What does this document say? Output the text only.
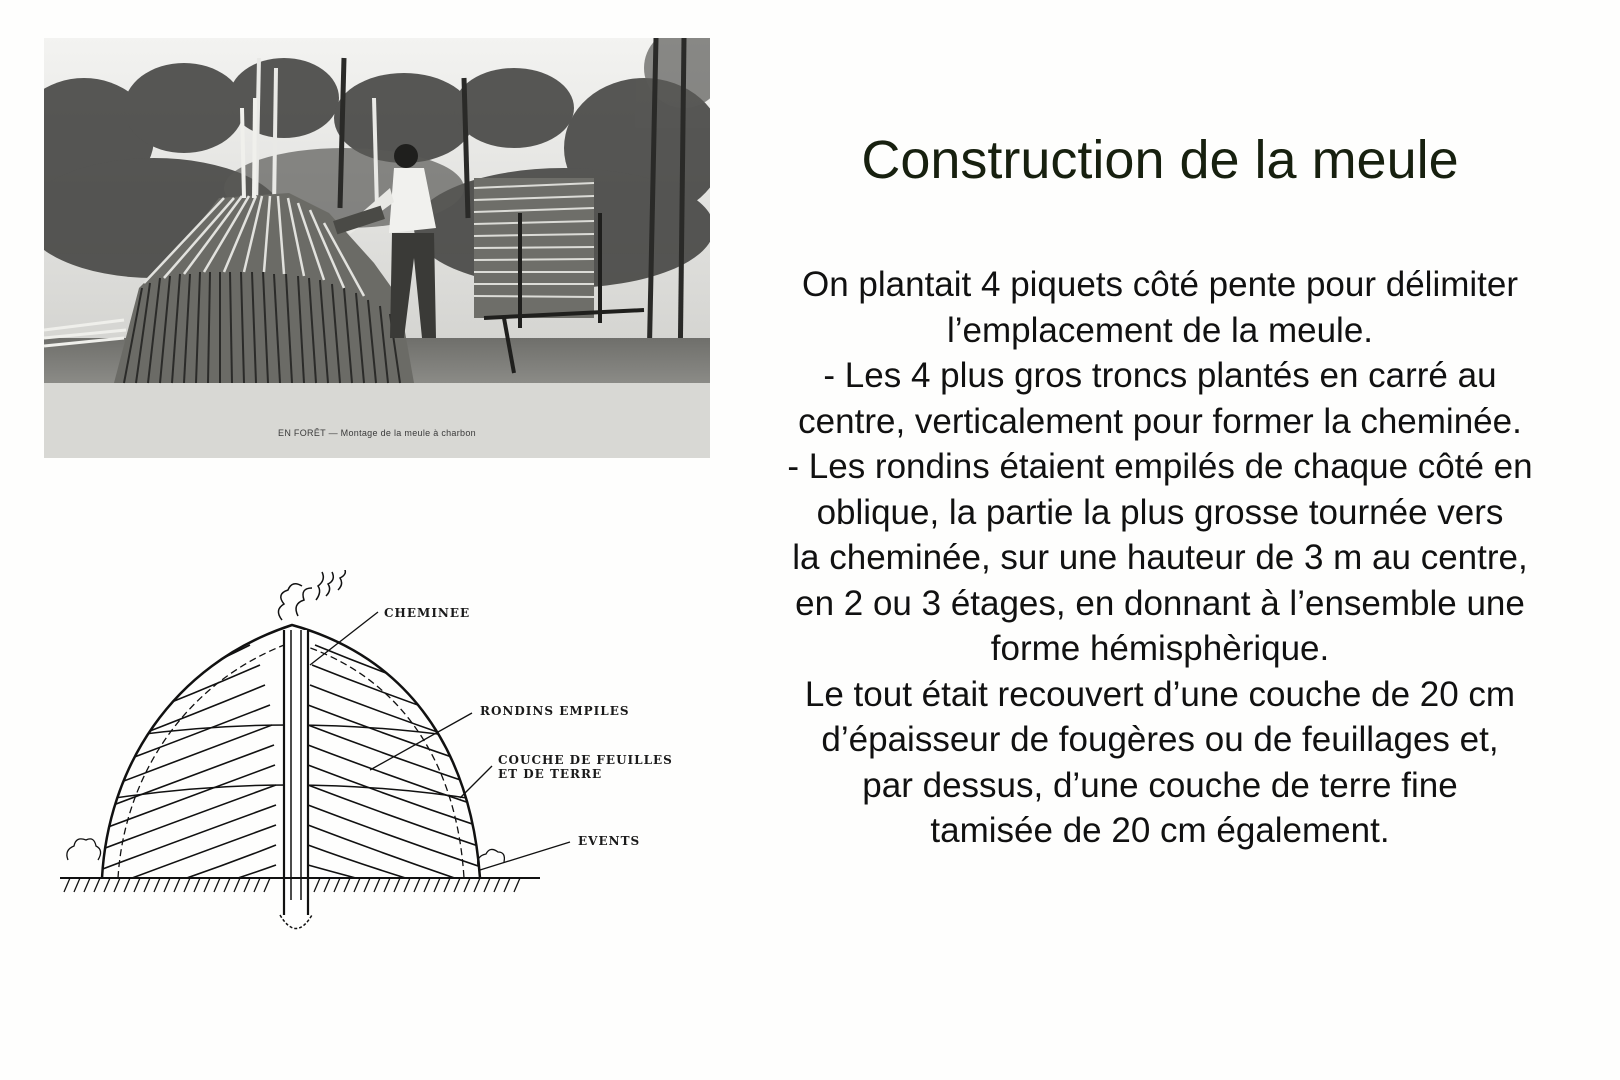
EN FORÊT — Montage de la meule à charbon
CHEMINEE
RONDINS EMPILES
COUCHE DE FEUILLES
ET DE TERRE
EVENTS
Construction de la meule
On plantait 4 piquets côté pente pour délimiter
l’emplacement de la meule.
- Les 4 plus gros troncs plantés en carré au
centre, verticalement pour former la cheminée.
- Les rondins étaient empilés de chaque côté en
oblique, la partie la plus grosse tournée vers
la cheminée, sur une hauteur de 3 m au centre,
en 2 ou 3 étages, en donnant à l’ensemble une
forme hémisphèrique.
Le tout était recouvert d’une couche de 20 cm
d’épaisseur de fougères ou de feuillages et,
par dessus, d’une couche de terre fine
tamisée de 20 cm également.
